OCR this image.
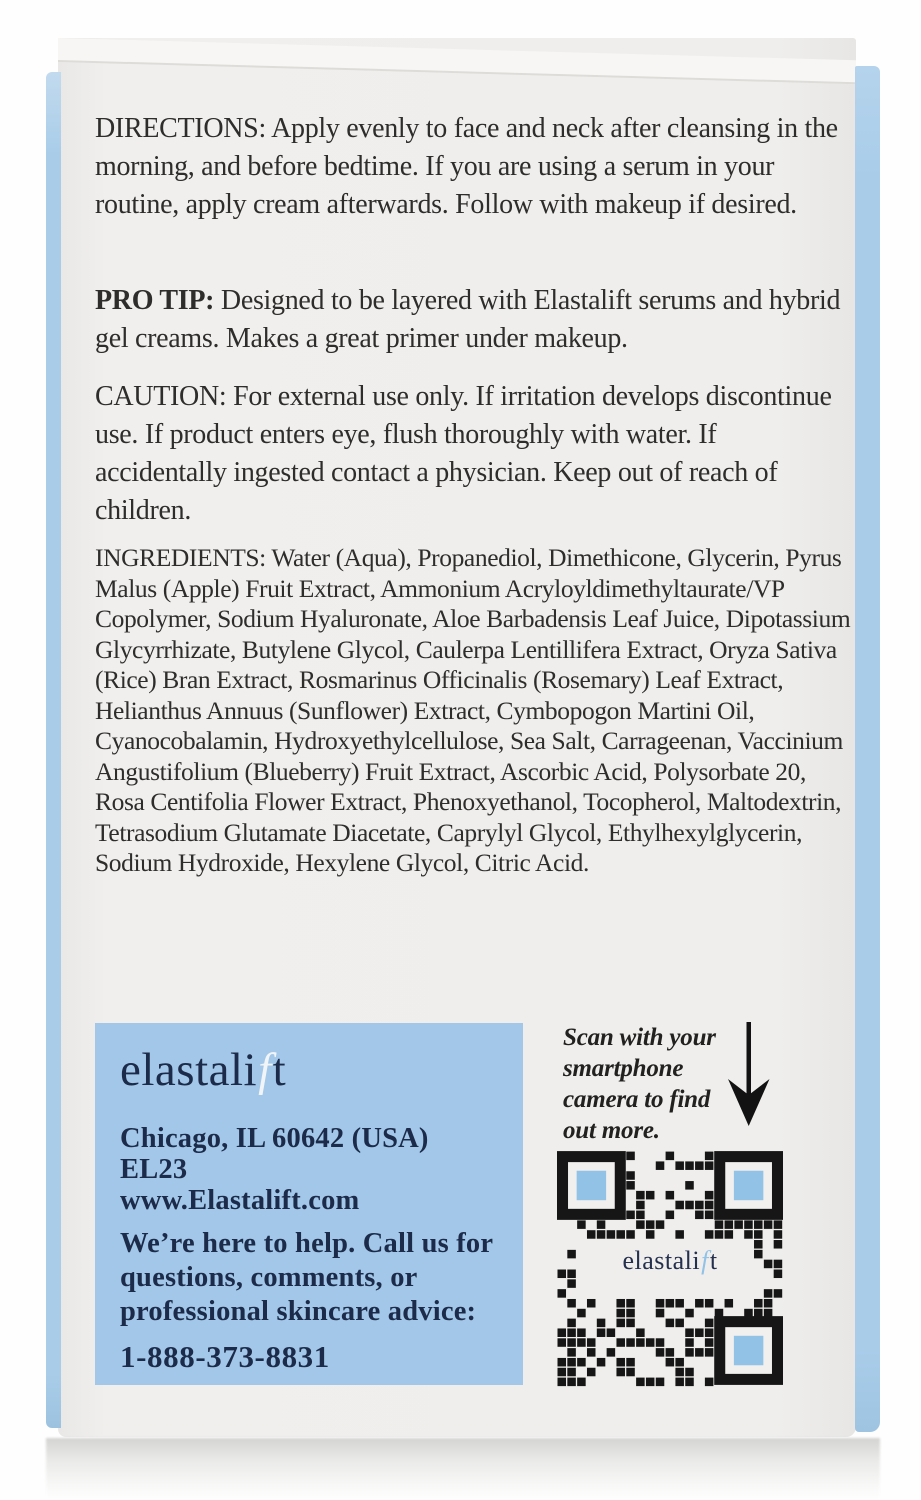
DIRECTIONS: Apply evenly to face and neck after cleansing in the morning, and before bedtime. If you are using a serum in your routine, apply cream afterwards. Follow with makeup if desired.

PRO TIP: Designed to be layered with Elastalift serums and hybrid gel creams. Makes a great primer under makeup.

CAUTION: For external use only. If irritation develops discontinue use. If product enters eye, flush thoroughly with water. If accidentally ingested contact a physician. Keep out of reach of children.

INGREDIENTS: Water (Aqua), Propanediol, Dimethicone, Glycerin, Pyrus Malus (Apple) Fruit Extract, Ammonium Acryloyldimethyltaurate/VP Copolymer, Sodium Hyaluronate, Aloe Barbadensis Leaf Juice, Dipotassium Glycyrrhizate, Butylene Glycol, Caulerpa Lentillifera Extract, Oryza Sativa (Rice) Bran Extract, Rosmarinus Officinalis (Rosemary) Leaf Extract, Helianthus Annuus (Sunflower) Extract, Cymbopogon Martini Oil, Cyanocobalamin, Hydroxyethylcellulose, Sea Salt, Carrageenan, Vaccinium Angustifolium (Blueberry) Fruit Extract, Ascorbic Acid, Polysorbate 20, Rosa Centifolia Flower Extract, Phenoxyethanol, Tocopherol, Maltodextrin, Tetrasodium Glutamate Diacetate, Caprylyl Glycol, Ethylhexylglycerin, Sodium Hydroxide, Hexylene Glycol, Citric Acid.

elastalift
Chicago, IL 60642 (USA)
EL23
www.Elastalift.com

We’re here to help. Call us for questions, comments, or professional skincare advice:

1-888-373-8831
Scan with your smartphone camera to find out more.
elastalift
